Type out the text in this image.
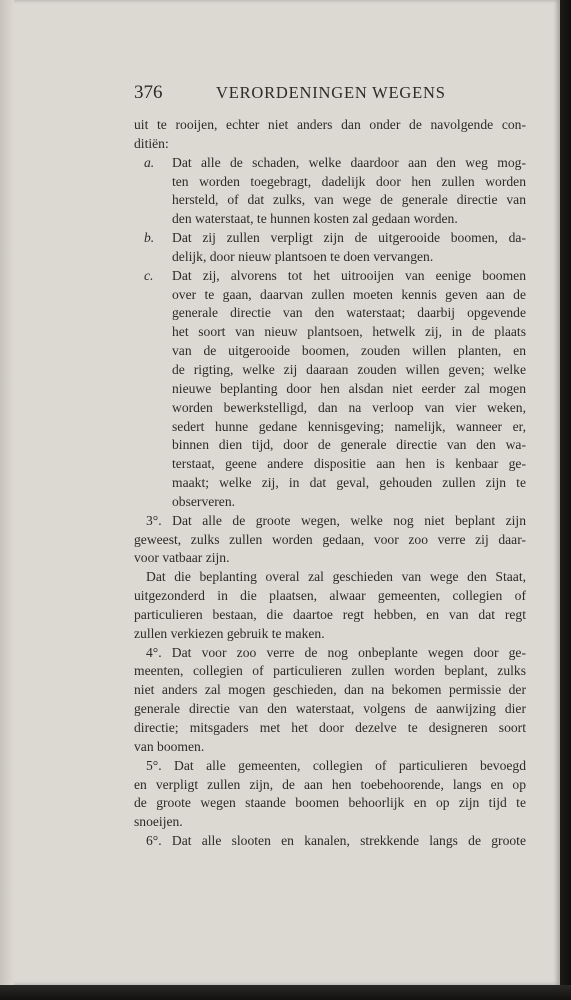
376	VERORDENINGEN WEGENS
uit te rooijen, echter niet anders dan onder de navolgende con-
ditiën:
a.	Dat alle de schaden, welke daardoor aan den weg mog-
ten worden toegebragt, dadelijk door hen zullen worden
hersteld, of dat zulks, van wege de generale directie van
den waterstaat, te hunnen kosten zal gedaan worden.
b.	Dat zij zullen verpligt zijn de uitgerooide boomen, da-
delijk, door nieuw plantsoen te doen vervangen.
c.	Dat zij, alvorens tot het uitrooijen van eenige boomen
over te gaan, daarvan zullen moeten kennis geven aan de
generale directie van den waterstaat; daarbij opgevende
het soort van nieuw plantsoen, hetwelk zij, in de plaats
van de uitgerooide boomen, zouden willen planten, en
de rigting, welke zij daaraan zouden willen geven; welke
nieuwe beplanting door hen alsdan niet eerder zal mogen
worden bewerkstelligd, dan na verloop van vier weken,
sedert hunne gedane kennisgeving; namelijk, wanneer er,
binnen dien tijd, door de generale directie van den wa-
terstaat, geene andere dispositie aan hen is kenbaar ge-
maakt; welke zij, in dat geval, gehouden zullen zijn te
observeren.
3°. Dat alle de groote wegen, welke nog niet beplant zijn
geweest, zulks zullen worden gedaan, voor zoo verre zij daar-
voor vatbaar zijn.
Dat die beplanting overal zal geschieden van wege den Staat,
uitgezonderd in die plaatsen, alwaar gemeenten, collegien of
particulieren bestaan, die daartoe regt hebben, en van dat regt
zullen verkiezen gebruik te maken.
4°. Dat voor zoo verre de nog onbeplante wegen door ge-
meenten, collegien of particulieren zullen worden beplant, zulks
niet anders zal mogen geschieden, dan na bekomen permissie der
generale directie van den waterstaat, volgens de aanwijzing dier
directie; mitsgaders met het door dezelve te designeren soort
van boomen.
5°. Dat alle gemeenten, collegien of particulieren bevoegd
en verpligt zullen zijn, de aan hen toebehoorende, langs en op
de groote wegen staande boomen behoorlijk en op zijn tijd te
snoeijen.
6°. Dat alle slooten en kanalen, strekkende langs de groote
